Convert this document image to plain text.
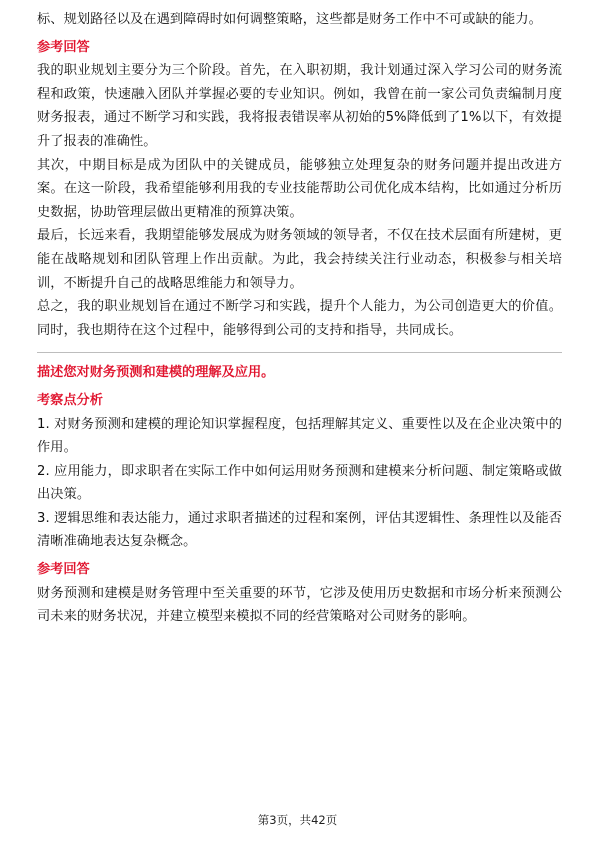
标、规划路径以及在遇到障碍时如何调整策略，这些都是财务工作中不可或缺的能力。

参考回答

我的职业规划主要分为三个阶段。首先，在入职初期，我计划通过深入学习公司的财务流程和政策，快速融入团队并掌握必要的专业知识。例如，我曾在前一家公司负责编制月度财务报表，通过不断学习和实践，我将报表错误率从初始的5%降低到了1%以下，有效提升了报表的准确性。

其次，中期目标是成为团队中的关键成员，能够独立处理复杂的财务问题并提出改进方案。在这一阶段，我希望能够利用我的专业技能帮助公司优化成本结构，比如通过分析历史数据，协助管理层做出更精准的预算决策。

最后，长远来看，我期望能够发展成为财务领域的领导者，不仅在技术层面有所建树，更能在战略规划和团队管理上作出贡献。为此，我会持续关注行业动态，积极参与相关培训，不断提升自己的战略思维能力和领导力。

总之，我的职业规划旨在通过不断学习和实践，提升个人能力，为公司创造更大的价值。同时，我也期待在这个过程中，能够得到公司的支持和指导，共同成长。

描述您对财务预测和建模的理解及应用。
考察点分析

1. 对财务预测和建模的理论知识掌握程度，包括理解其定义、重要性以及在企业决策中的作用。

2. 应用能力，即求职者在实际工作中如何运用财务预测和建模来分析问题、制定策略或做出决策。

3. 逻辑思维和表达能力，通过求职者描述的过程和案例，评估其逻辑性、条理性以及能否清晰准确地表达复杂概念。

参考回答

财务预测和建模是财务管理中至关重要的环节，它涉及使用历史数据和市场分析来预测公司未来的财务状况，并建立模型来模拟不同的经营策略对公司财务的影响。

第3页，共42页
